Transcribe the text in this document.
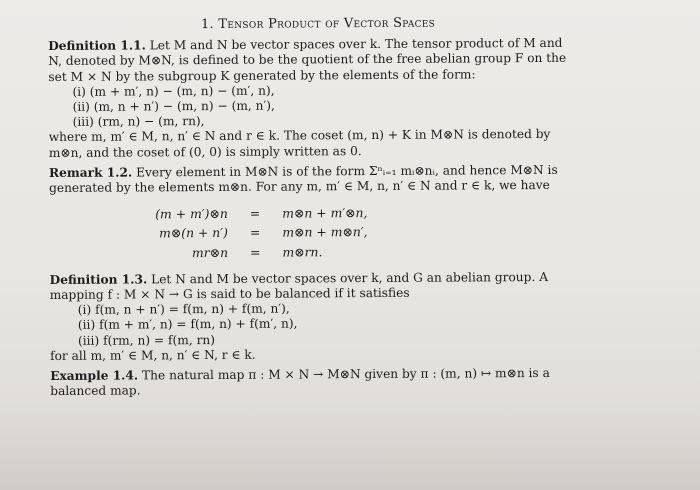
1. Tensor Product of Vector Spaces

Definition 1.1. Let M and N be vector spaces over k. The tensor product of M and N, denoted by M⊗N, is defined to be the quotient of the free abelian group F on the set M × N by the subgroup K generated by the elements of the form:

(i) (m + m′, n) − (m, n) − (m′, n),

(ii) (m, n + n′) − (m, n) − (m, n′),

(iii) (rm, n) − (m, rn),

where m, m′ ∈ M, n, n′ ∈ N and r ∈ k. The coset (m, n) + K in M⊗N is denoted by m⊗n, and the coset of (0, 0) is simply written as 0.

Remark 1.2. Every element in M⊗N is of the form Σⁿᵢ₌₁ mᵢ⊗nᵢ, and hence M⊗N is generated by the elements m⊗n. For any m, m′ ∈ M, n, n′ ∈ N and r ∈ k, we have

(m + m′)⊗n	=	m⊗n + m′⊗n,
m⊗(n + n′)	=	m⊗n + m⊗n′,
mr⊗n	=	m⊗rn.

Definition 1.3. Let N and M be vector spaces over k, and G an abelian group. A mapping f : M × N → G is said to be balanced if it satisfies

(i) f(m, n + n′) = f(m, n) + f(m, n′),

(ii) f(m + m′, n) = f(m, n) + f(m′, n),

(iii) f(rm, n) = f(m, rn)

for all m, m′ ∈ M, n, n′ ∈ N, r ∈ k.

Example 1.4. The natural map π : M × N → M⊗N given by π : (m, n) ↦ m⊗n is a balanced map.
